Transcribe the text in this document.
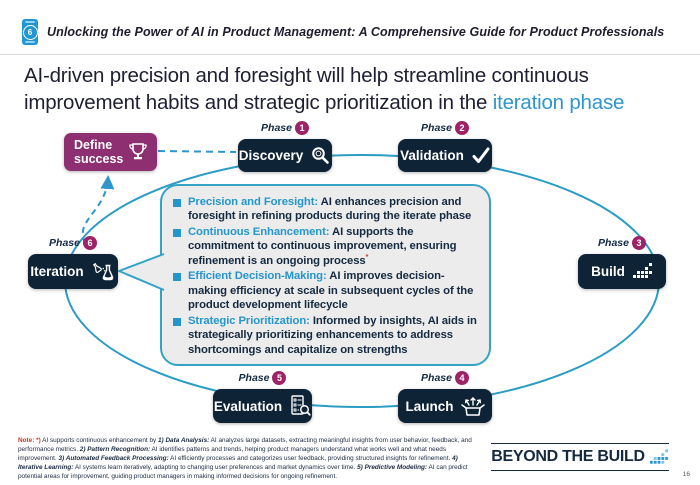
6	Unlocking the Power of AI in Product Management: A Comprehensive Guide for Product Professionals
AI-driven precision and foresight will help streamline continuous improvement habits and strategic prioritization in the iteration phase

Precision and Foresight: AI enhances precision and foresight in refining products during the iterate phase

Continuous Enhancement: AI supports the commitment to continuous improvement, ensuring refinement is an ongoing process*

Efficient Decision-Making: AI improves decision-making efficiency at scale in subsequent cycles of the product development lifecycle

Strategic Prioritization: Informed by insights, AI aids in strategically prioritizing enhancements to address shortcomings and capitalize on strengths

Define success
Phase 1
Discovery
Phase 2
Validation
Phase 3
Build
Phase 4
Launch
Phase 5
Evaluation
Phase 6
Iteration
Note: *) AI supports continuous enhancement by 1) Data Analysis: AI analyzes large datasets, extracting meaningful insights from user behavior, feedback, and performance metrics. 2) Pattern Recognition: AI identifies patterns and trends, helping product managers understand what works well and what needs improvement. 3) Automated Feedback Processing: AI efficiently processes and categorizes user feedback, providing structured insights for refinement. 4) Iterative Learning: AI systems learn iteratively, adapting to changing user preferences and market dynamics over time. 5) Predictive Modeling: AI can predict potential areas for improvement, guiding product managers in making informed decisions for ongoing refinement.
BEYOND THE BUILD
16
